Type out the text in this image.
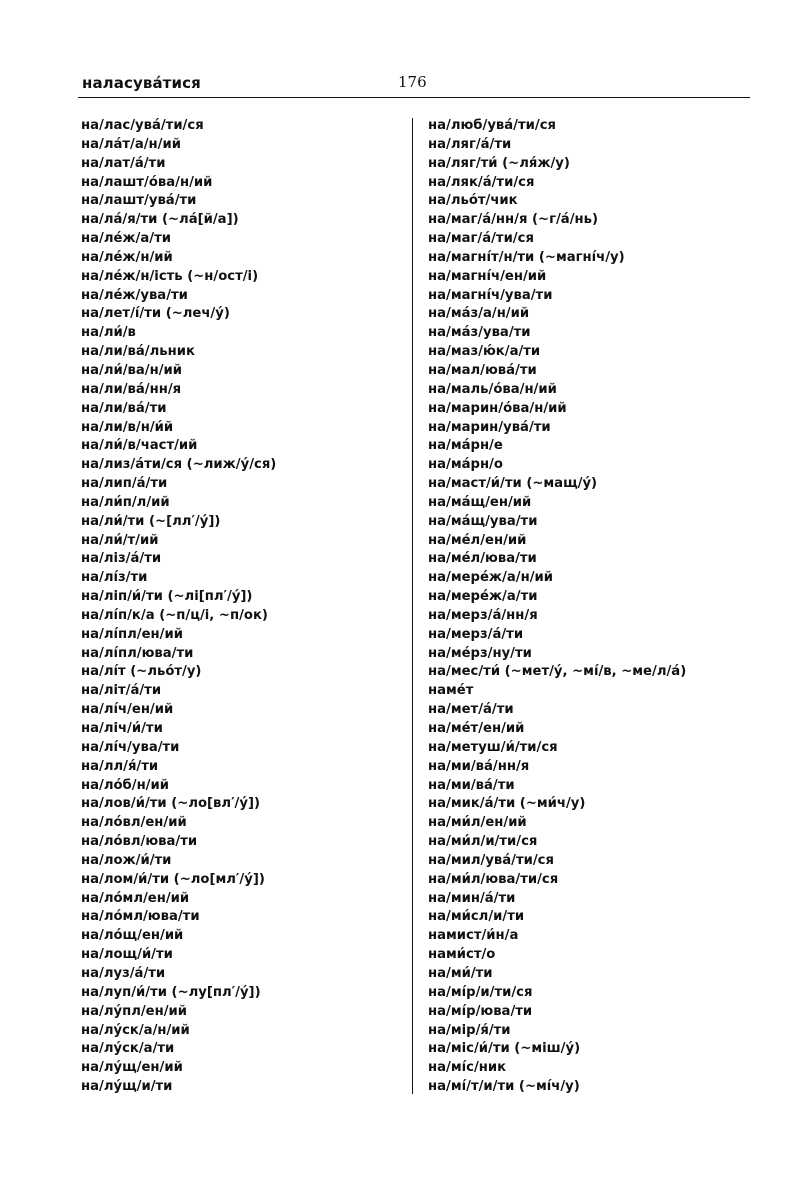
наласува́тися	176
на/лас/ува́/ти/ся
на/ла́т/а/н/ий
на/лат/а́/ти
на/лашт/о́ва/н/ий
на/лашт/ува́/ти
на/ла́/я/ти (~ла́[й/а])
на/ле́ж/а/ти
на/ле́ж/н/ий
на/ле́ж/н/ість (~н/ост/і)
на/ле́ж/ува/ти
на/лет/і́/ти (~леч/у́)
на/ли́/в
на/ли/ва́/льник
на/ли́/ва/н/ий
на/ли/ва́/нн/я
на/ли/ва́/ти
на/ли/в/н/и́й
на/ли́/в/част/ий
на/лиз/а́ти/ся (~лиж/у́/ся)
на/лип/а́/ти
на/ли́п/л/ий
на/ли́/ти (~[лл′/у́])
на/ли́/т/ий
на/ліз/а́/ти
на/лі́з/ти
на/ліп/и́/ти (~лі[пл′/у́])
на/лі́п/к/а (~п/ц/і, ~п/ок)
на/лі́пл/ен/ий
на/лі́пл/юва/ти
на/лі́т (~льо́т/у)
на/літ/а́/ти
на/лі́ч/ен/ий
на/ліч/и́/ти
на/лі́ч/ува/ти
на/лл/я́/ти
на/ло́б/н/ий
на/лов/и́/ти (~ло[вл′/у́])
на/ло́вл/ен/ий
на/ло́вл/юва/ти
на/лож/и́/ти
на/лом/и́/ти (~ло[мл′/у́])
на/ло́мл/ен/ий
на/ло́мл/юва/ти
на/ло́щ/ен/ий
на/лощ/и́/ти
на/луз/а́/ти
на/луп/и́/ти (~лу[пл′/у́])
на/лу́пл/ен/ий
на/лу́ск/а/н/ий
на/лу́ск/а/ти
на/лу́щ/ен/ий
на/лу́щ/и/ти
на/люб/ува́/ти/ся
на/ляг/а́/ти
на/ляг/ти́ (~ля́ж/у)
на/ляк/а́/ти/ся
на/льо́т/чик
на/маг/а́/нн/я (~г/а́/нь)
на/маг/а́/ти/ся
на/магні́т/н/ти (~магні́ч/у)
на/магні́ч/ен/ий
на/магні́ч/ува/ти
на/ма́з/а/н/ий
на/ма́з/ува/ти
на/маз/ю́к/а/ти
на/мал/юва́/ти
на/маль/о́ва/н/ий
на/марин/о́ва/н/ий
на/марин/ува́/ти
на/ма́рн/е
на/ма́рн/о
на/маст/и́/ти (~мащ/у́)
на/ма́щ/ен/ий
на/ма́щ/ува/ти
на/ме́л/ен/ий
на/ме́л/юва/ти
на/мере́ж/а/н/ий
на/мере́ж/а/ти
на/мерз/а́/нн/я
на/мерз/а́/ти
на/ме́рз/ну/ти
на/мес/ти́ (~мет/у́, ~мі́/в, ~ме/л/а́)
наме́т
на/мет/а́/ти
на/ме́т/ен/ий
на/метуш/и́/ти/ся
на/ми/ва́/нн/я
на/ми/ва́/ти
на/мик/а́/ти (~ми́ч/у)
на/ми́л/ен/ий
на/ми́л/и/ти/ся
на/мил/ува́/ти/ся
на/ми́л/юва/ти/ся
на/мин/а́/ти
на/ми́сл/и/ти
намист/и́н/а
нами́ст/о
на/ми́/ти
на/мі́р/и/ти/ся
на/мі́р/юва/ти
на/мір/я́/ти
на/міс/и́/ти (~міш/у́)
на/мі́с/ник
на/мі́/т/и/ти (~мі́ч/у)
